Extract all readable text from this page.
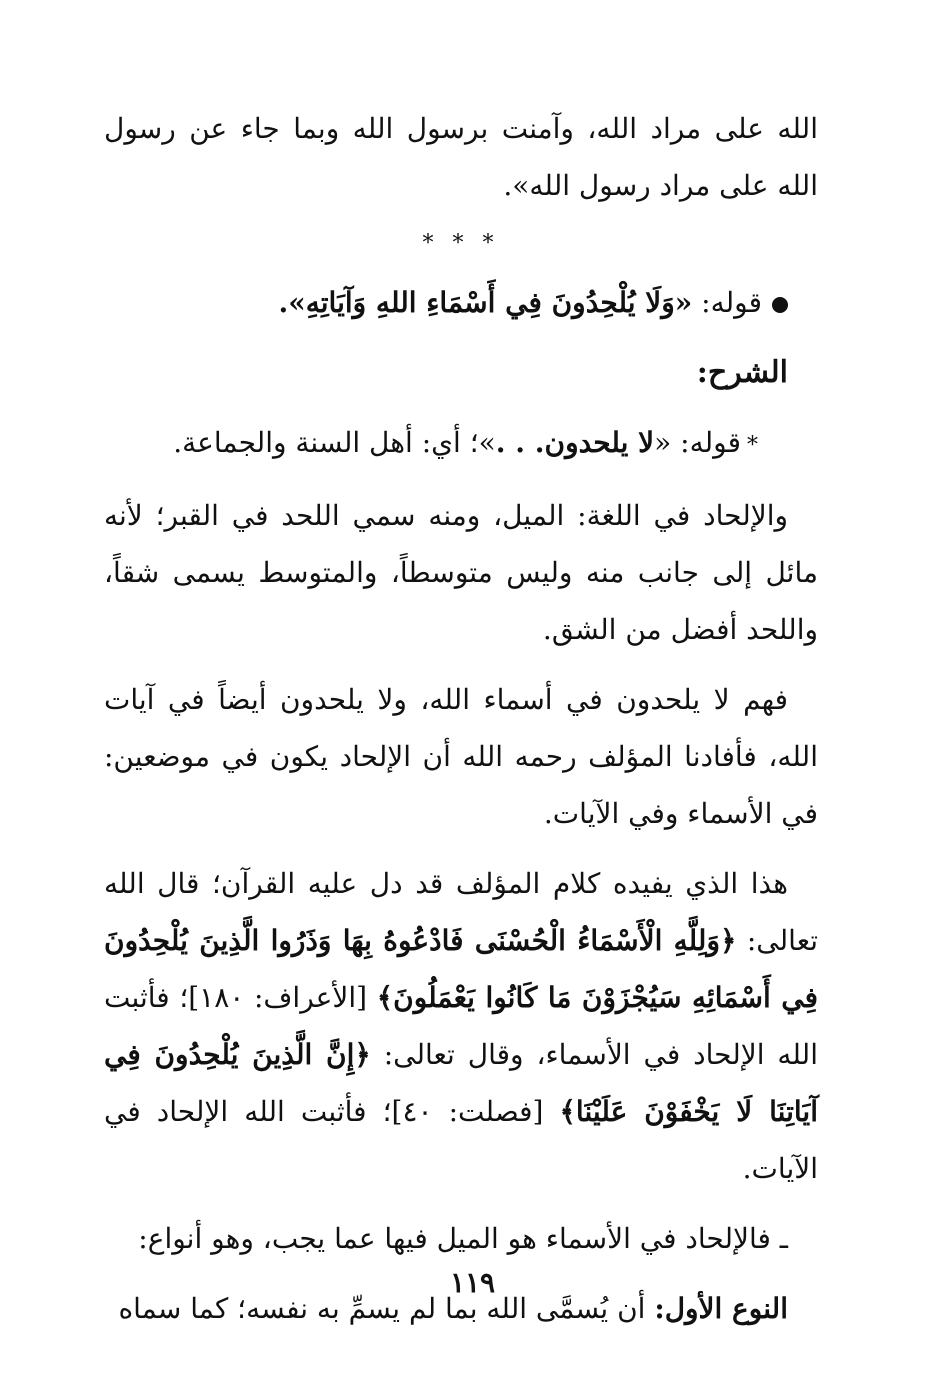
الله على مراد الله، وآمنت برسول الله وبما جاء عن رسول الله على مراد رسول الله».

* * *

قوله: «وَلَا يُلْحِدُونَ فِي أَسْمَاءِ اللهِ وَآيَاتِهِ».

الشرح:

*قوله: «لا يلحدون. . .»؛ أي: أهل السنة والجماعة.

والإلحاد في اللغة: الميل، ومنه سمي اللحد في القبر؛ لأنه مائل إلى جانب منه وليس متوسطاً، والمتوسط يسمى شقاً، واللحد أفضل من الشق.

فهم لا يلحدون في أسماء الله، ولا يلحدون أيضاً في آيات الله، فأفادنا المؤلف رحمه الله أن الإلحاد يكون في موضعين: في الأسماء وفي الآيات.

هذا الذي يفيده كلام المؤلف قد دل عليه القرآن؛ قال الله تعالى: ﴿وَلِلَّهِ الْأَسْمَاءُ الْحُسْنَى فَادْعُوهُ بِهَا وَذَرُوا الَّذِينَ يُلْحِدُونَ فِي أَسْمَائِهِ سَيُجْزَوْنَ مَا كَانُوا يَعْمَلُونَ﴾ [الأعراف: ١٨٠]؛ فأثبت الله الإلحاد في الأسماء، وقال تعالى: ﴿إِنَّ الَّذِينَ يُلْحِدُونَ فِي آيَاتِنَا لَا يَخْفَوْنَ عَلَيْنَا﴾ [فصلت: ٤٠]؛ فأثبت الله الإلحاد في الآيات.

ـ فالإلحاد في الأسماء هو الميل فيها عما يجب، وهو أنواع:

النوع الأول: أن يُسمَّى الله بما لم يسمِّ به نفسه؛ كما سماه

١١٩
